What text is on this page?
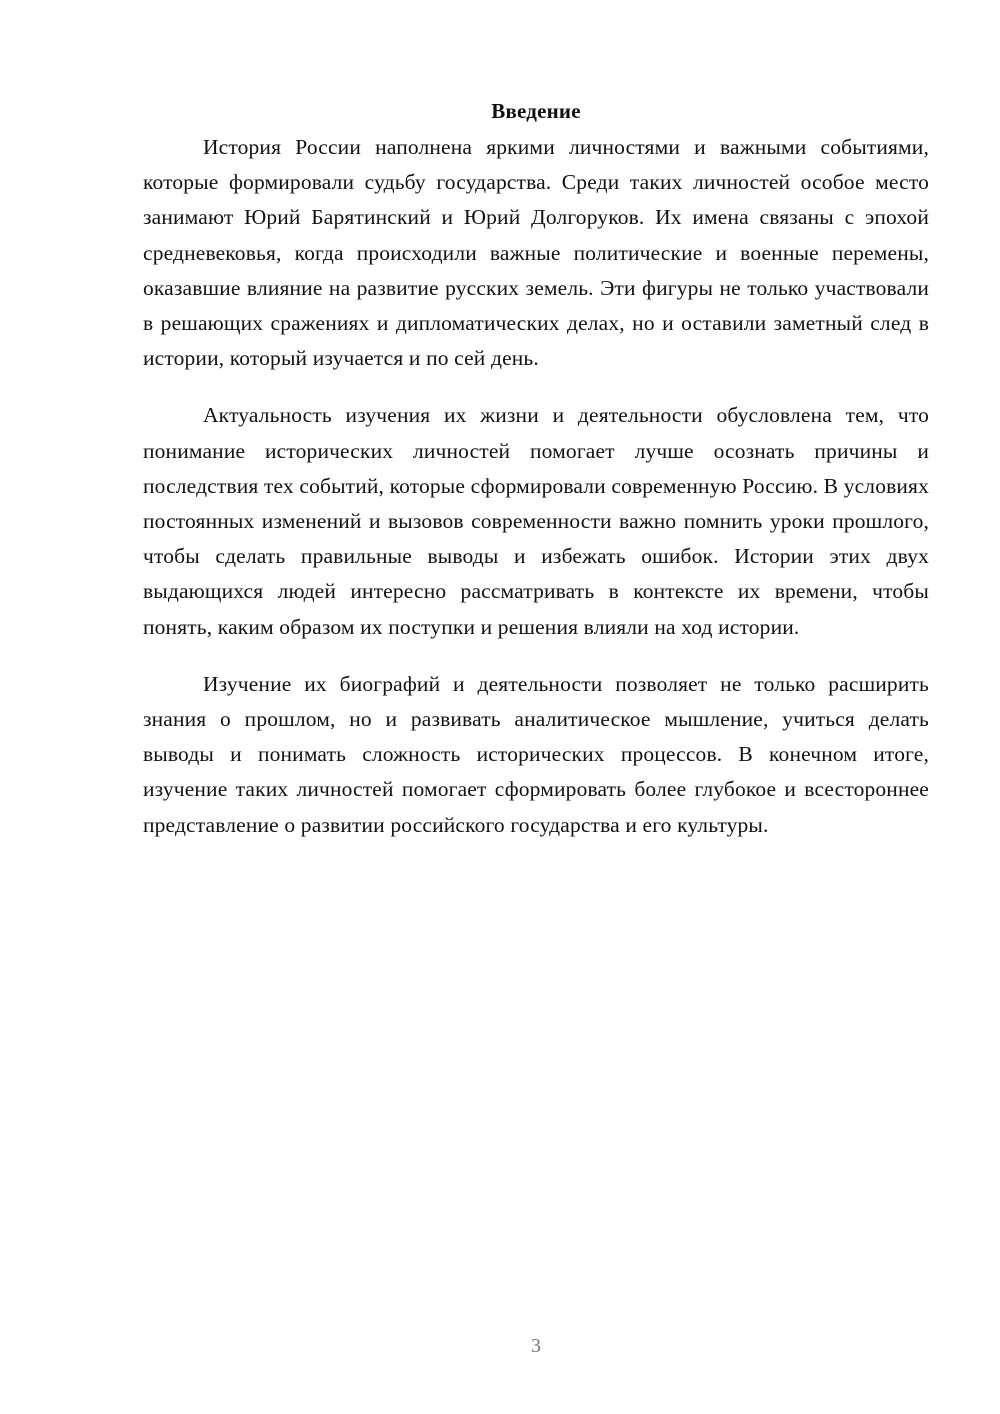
Введение

История России наполнена яркими личностями и важными событиями, которые формировали судьбу государства. Среди таких личностей особое место занимают Юрий Барятинский и Юрий Долгоруков. Их имена связаны с эпохой средневековья, когда происходили важные политические и военные перемены, оказавшие влияние на развитие русских земель. Эти фигуры не только участвовали в решающих сражениях и дипломатических делах, но и оставили заметный след в истории, который изучается и по сей день.

Актуальность изучения их жизни и деятельности обусловлена тем, что понимание исторических личностей помогает лучше осознать причины и последствия тех событий, которые сформировали современную Россию. В условиях постоянных изменений и вызовов современности важно помнить уроки прошлого, чтобы сделать правильные выводы и избежать ошибок. Истории этих двух выдающихся людей интересно рассматривать в контексте их времени, чтобы понять, каким образом их поступки и решения влияли на ход истории.

Изучение их биографий и деятельности позволяет не только расширить знания о прошлом, но и развивать аналитическое мышление, учиться делать выводы и понимать сложность исторических процессов. В конечном итоге, изучение таких личностей помогает сформировать более глубокое и всестороннее представление о развитии российского государства и его культуры.

3
